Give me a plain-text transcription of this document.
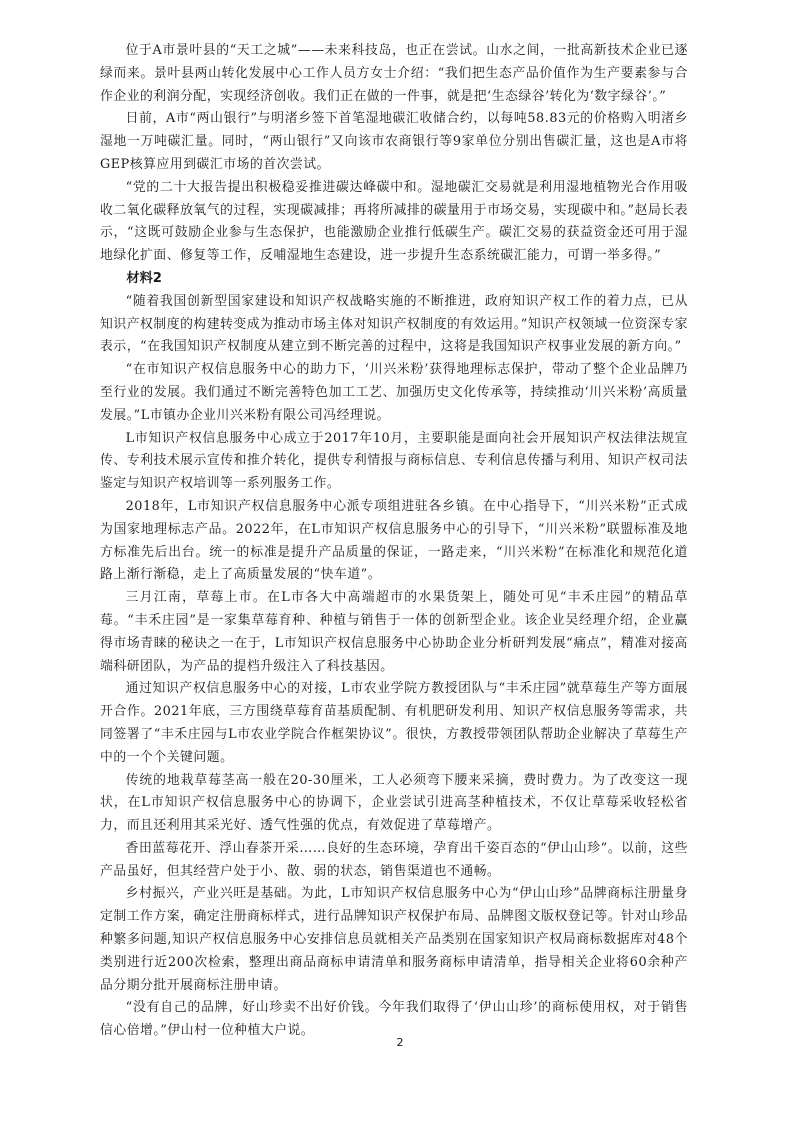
位于A市景叶县的“天工之城”——未来科技岛，也正在尝试。山水之间，一批高新技术企业已逐绿而来。景叶县两山转化发展中心工作人员方女士介绍：“我们把生态产品价值作为生产要素参与合作企业的利润分配，实现经济创收。我们正在做的一件事，就是把‘生态绿谷’转化为‘数字绿谷’。”

日前，A市“两山银行”与明渚乡签下首笔湿地碳汇收储合约，以每吨58.83元的价格购入明渚乡湿地一万吨碳汇量。同时，“两山银行”又向该市农商银行等9家单位分别出售碳汇量，这也是A市将GEP核算应用到碳汇市场的首次尝试。

“党的二十大报告提出积极稳妥推进碳达峰碳中和。湿地碳汇交易就是利用湿地植物光合作用吸收二氧化碳释放氧气的过程，实现碳减排；再将所减排的碳量用于市场交易，实现碳中和。”赵局长表示，“这既可鼓励企业参与生态保护，也能激励企业推行低碳生产。碳汇交易的获益资金还可用于湿地绿化扩面、修复等工作，反哺湿地生态建设，进一步提升生态系统碳汇能力，可谓一举多得。”

材料2

“随着我国创新型国家建设和知识产权战略实施的不断推进，政府知识产权工作的着力点，已从知识产权制度的构建转变成为推动市场主体对知识产权制度的有效运用。”知识产权领域一位资深专家表示，“在我国知识产权制度从建立到不断完善的过程中，这将是我国知识产权事业发展的新方向。”

“在市知识产权信息服务中心的助力下，‘川兴米粉’获得地理标志保护，带动了整个企业品牌乃至行业的发展。我们通过不断完善特色加工工艺、加强历史文化传承等，持续推动‘川兴米粉’高质量发展。”L市镇办企业川兴米粉有限公司冯经理说。

L市知识产权信息服务中心成立于2017年10月，主要职能是面向社会开展知识产权法律法规宣传、专利技术展示宣传和推介转化，提供专利情报与商标信息、专利信息传播与利用、知识产权司法鉴定与知识产权培训等一系列服务工作。

2018年，L市知识产权信息服务中心派专项组进驻各乡镇。在中心指导下，“川兴米粉”正式成为国家地理标志产品。2022年，在L市知识产权信息服务中心的引导下，“川兴米粉”联盟标准及地方标准先后出台。统一的标准是提升产品质量的保证，一路走来，“川兴米粉”在标准化和规范化道路上渐行渐稳，走上了高质量发展的“快车道”。

三月江南，草莓上市。在L市各大中高端超市的水果货架上，随处可见“丰禾庄园”的精品草莓。“丰禾庄园”是一家集草莓育种、种植与销售于一体的创新型企业。该企业吴经理介绍，企业赢得市场青睐的秘诀之一在于，L市知识产权信息服务中心协助企业分析研判发展“痛点”，精准对接高端科研团队，为产品的提档升级注入了科技基因。

通过知识产权信息服务中心的对接，L市农业学院方教授团队与“丰禾庄园”就草莓生产等方面展开合作。2021年底，三方围绕草莓育苗基质配制、有机肥研发利用、知识产权信息服务等需求，共同签署了“丰禾庄园与L市农业学院合作框架协议”。很快，方教授带领团队帮助企业解决了草莓生产中的一个个关键问题。

传统的地栽草莓茎高一般在20-30厘米，工人必须弯下腰来采摘，费时费力。为了改变这一现状，在L市知识产权信息服务中心的协调下，企业尝试引进高茎种植技术，不仅让草莓采收轻松省力，而且还利用其采光好、透气性强的优点，有效促进了草莓增产。

香田蓝莓花开、浮山春茶开采……良好的生态环境，孕育出千姿百态的“伊山山珍”。以前，这些产品虽好，但其经营户处于小、散、弱的状态，销售渠道也不通畅。

乡村振兴，产业兴旺是基础。为此，L市知识产权信息服务中心为“伊山山珍”品牌商标注册量身定制工作方案，确定注册商标样式，进行品牌知识产权保护布局、品牌图文版权登记等。针对山珍品种繁多问题,知识产权信息服务中心安排信息员就相关产品类别在国家知识产权局商标数据库对48个类别进行近200次检索，整理出商品商标申请清单和服务商标申请清单，指导相关企业将60余种产品分期分批开展商标注册申请。

“没有自己的品牌，好山珍卖不出好价钱。今年我们取得了‘伊山山珍’的商标使用权，对于销售信心倍增。”伊山村一位种植大户说。

2
